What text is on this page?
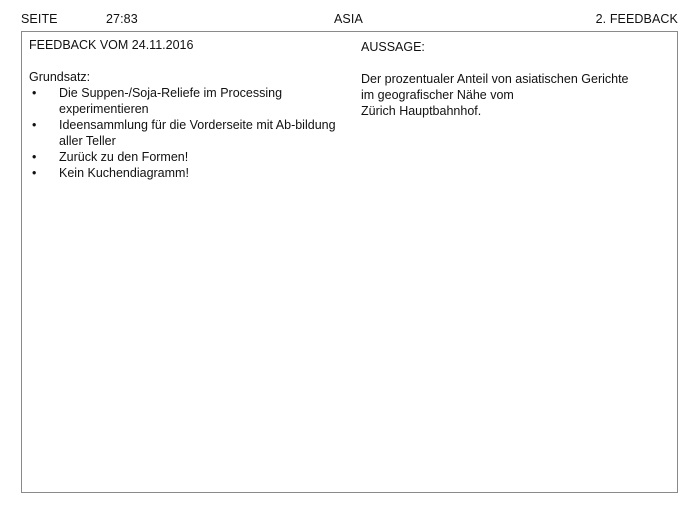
SEITE	27:83	ASIA	2. FEEDBACK

FEEDBACK VOM 24.11.2016

Grundsatz:

• Die Suppen-/Soja-Reliefe im Processing experimentieren
• Ideensammlung für die Vorderseite mit Ab-bildung aller Teller
• Zurück zu den Formen!
• Kein Kuchendiagramm!

AUSSAGE:

Der prozentualer Anteil von asiatischen Gerichte

im geografischer Nähe vom

Zürich Hauptbahnhof.
